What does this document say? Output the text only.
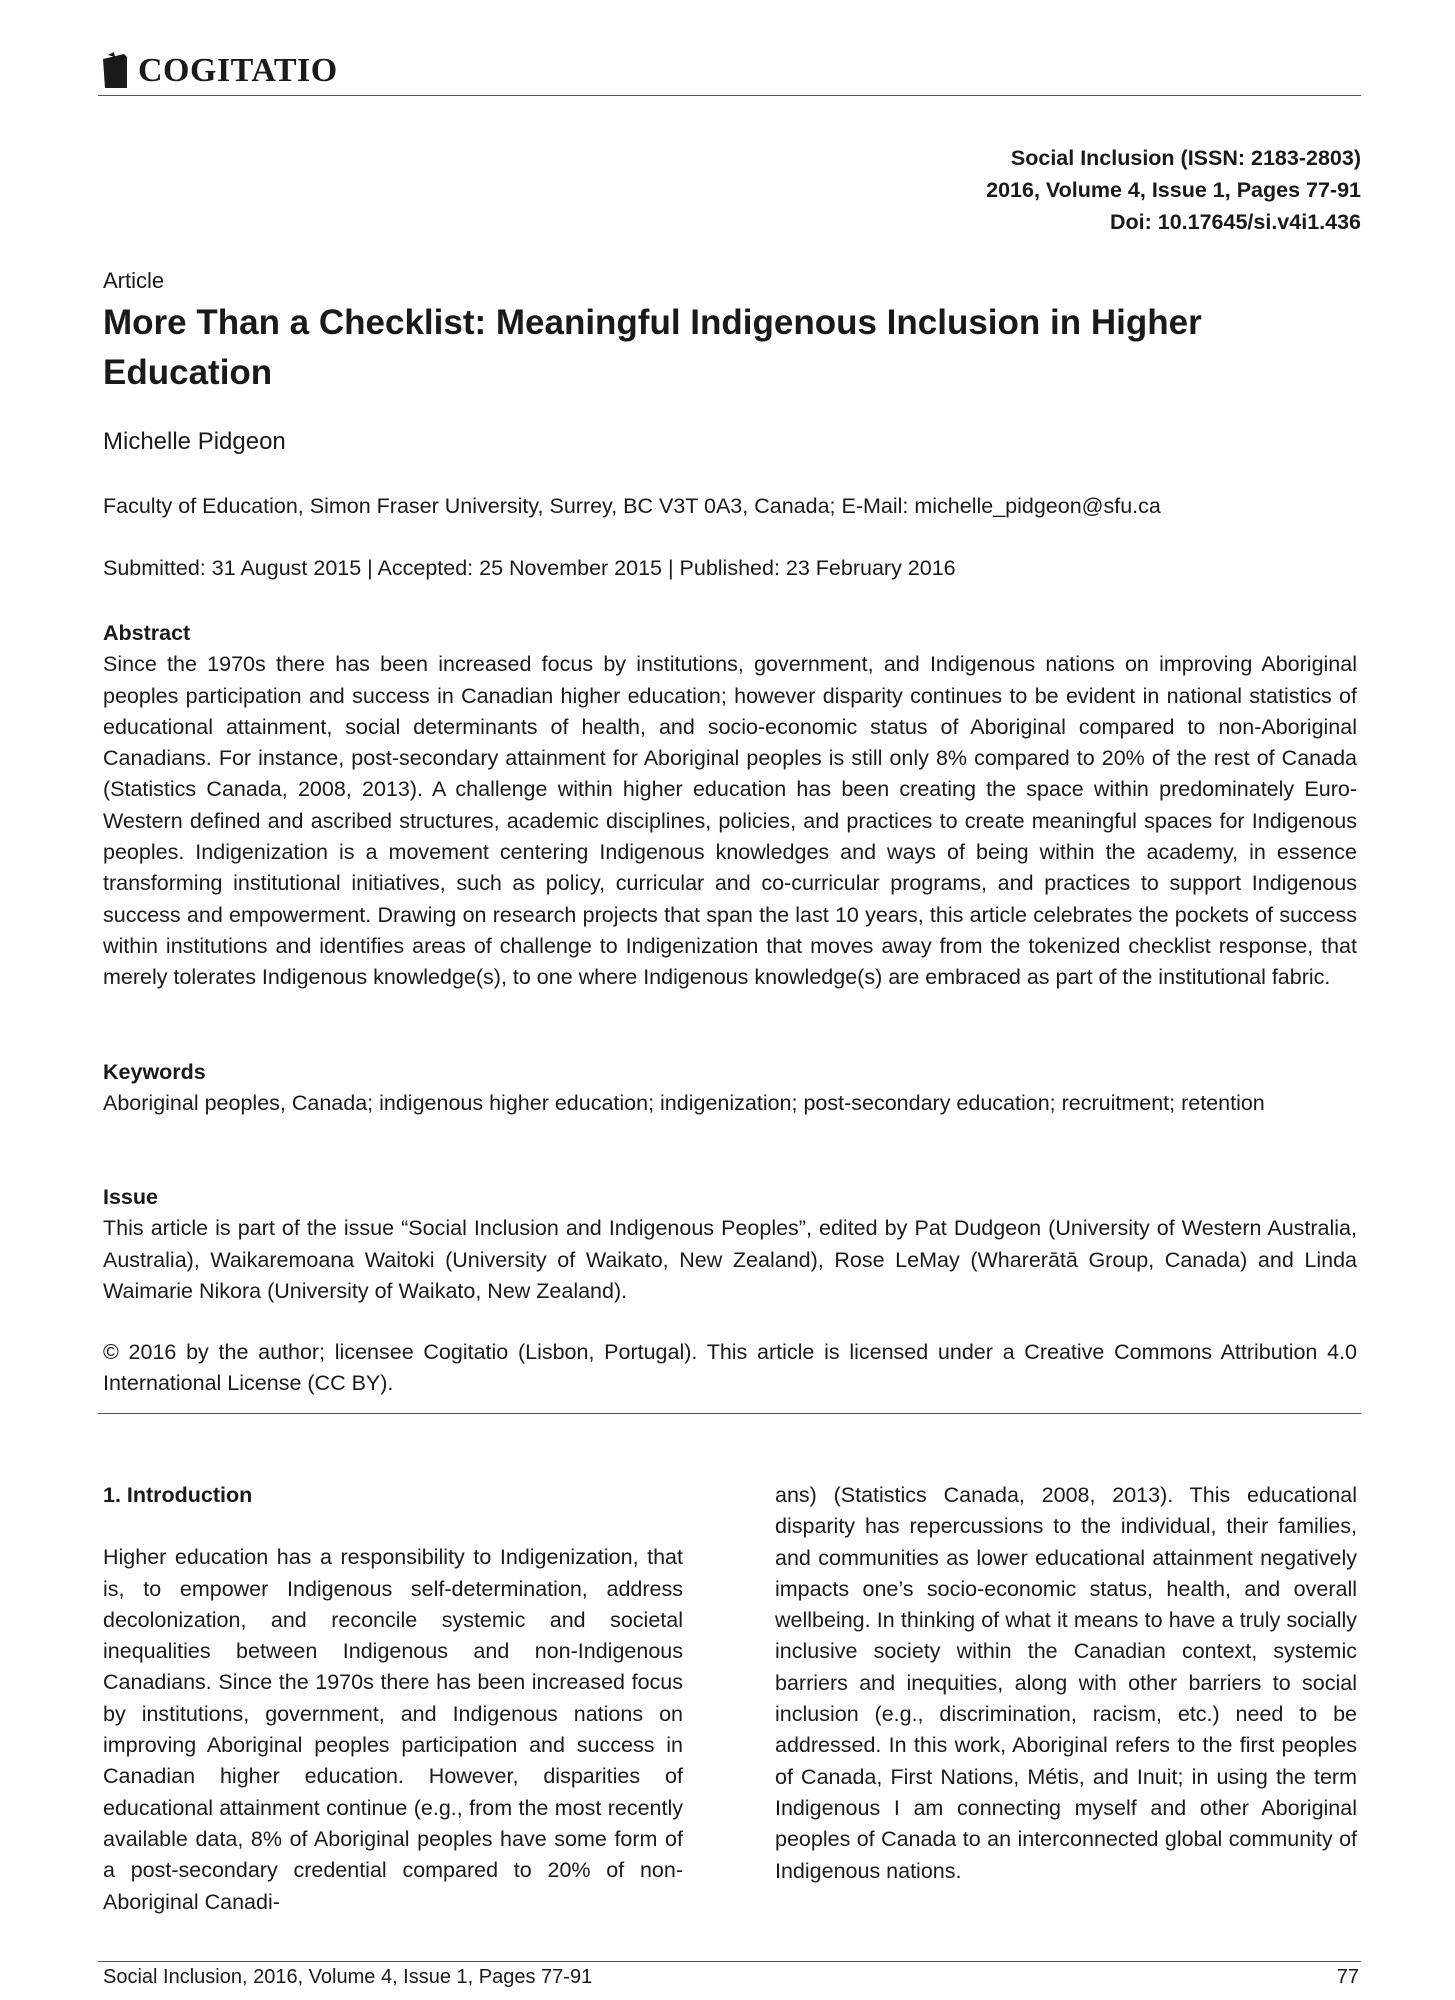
COGITATIO
Social Inclusion (ISSN: 2183-2803)
2016, Volume 4, Issue 1, Pages 77-91
Doi: 10.17645/si.v4i1.436
Article
More Than a Checklist: Meaningful Indigenous Inclusion in Higher Education
Michelle Pidgeon
Faculty of Education, Simon Fraser University, Surrey, BC V3T 0A3, Canada; E-Mail: michelle_pidgeon@sfu.ca
Submitted: 31 August 2015 | Accepted: 25 November 2015 | Published: 23 February 2016
Abstract
Since the 1970s there has been increased focus by institutions, government, and Indigenous nations on improving Aboriginal peoples participation and success in Canadian higher education; however disparity continues to be evident in national statistics of educational attainment, social determinants of health, and socio-economic status of Aboriginal compared to non-Aboriginal Canadians. For instance, post-secondary attainment for Aboriginal peoples is still only 8% compared to 20% of the rest of Canada (Statistics Canada, 2008, 2013). A challenge within higher education has been creating the space within predominately Euro-Western defined and ascribed structures, academic disciplines, policies, and practices to create meaningful spaces for Indigenous peoples. Indigenization is a movement centering Indigenous knowledges and ways of being within the academy, in essence transforming institutional initiatives, such as policy, curricular and co-curricular programs, and practices to support Indigenous success and empowerment. Drawing on research projects that span the last 10 years, this article celebrates the pockets of success within institutions and identifies areas of challenge to Indigenization that moves away from the tokenized checklist response, that merely tolerates Indigenous knowledge(s), to one where Indigenous knowledge(s) are embraced as part of the institutional fabric.
Keywords
Aboriginal peoples, Canada; indigenous higher education; indigenization; post-secondary education; recruitment; retention
Issue
This article is part of the issue “Social Inclusion and Indigenous Peoples”, edited by Pat Dudgeon (University of Western Australia, Australia), Waikaremoana Waitoki (University of Waikato, New Zealand), Rose LeMay (Wharerātā Group, Canada) and Linda Waimarie Nikora (University of Waikato, New Zealand).
© 2016 by the author; licensee Cogitatio (Lisbon, Portugal). This article is licensed under a Creative Commons Attribution 4.0 International License (CC BY).
1. Introduction
Higher education has a responsibility to Indigenization, that is, to empower Indigenous self-determination, address decolonization, and reconcile systemic and societal inequalities between Indigenous and non-Indigenous Canadians. Since the 1970s there has been increased focus by institutions, government, and Indigenous nations on improving Aboriginal peoples participation and success in Canadian higher education. However, disparities of educational attainment continue (e.g., from the most recently available data, 8% of Aboriginal peoples have some form of a post-secondary credential compared to 20% of non-Aboriginal Canadi-
ans) (Statistics Canada, 2008, 2013). This educational disparity has repercussions to the individual, their families, and communities as lower educational attainment negatively impacts one’s socio-economic status, health, and overall wellbeing. In thinking of what it means to have a truly socially inclusive society within the Canadian context, systemic barriers and inequities, along with other barriers to social inclusion (e.g., discrimination, racism, etc.) need to be addressed. In this work, Aboriginal refers to the first peoples of Canada, First Nations, Métis, and Inuit; in using the term Indigenous I am connecting myself and other Aboriginal peoples of Canada to an interconnected global community of Indigenous nations.
Social Inclusion, 2016, Volume 4, Issue 1, Pages 77-91	77
